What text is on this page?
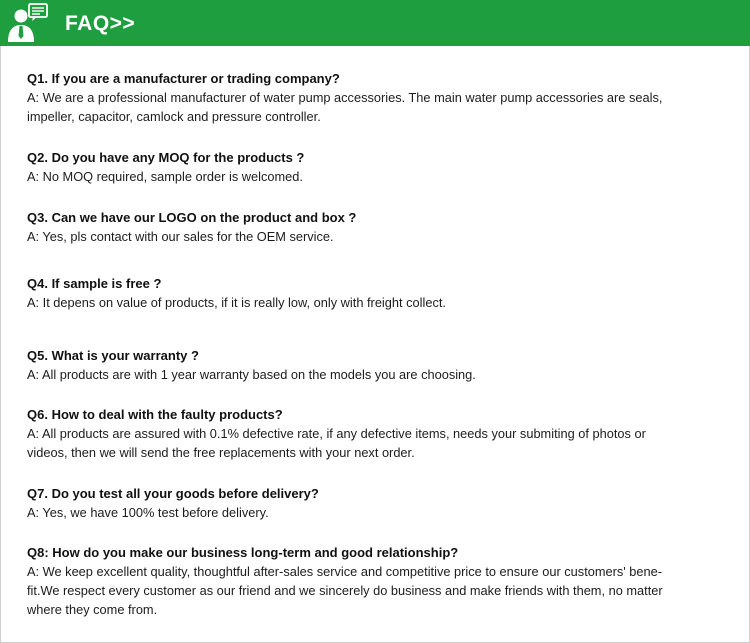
FAQ>>
Q1. If you are a manufacturer or trading company?
A: We are a professional manufacturer of water pump accessories. The main water pump accessories are seals,
impeller, capacitor, camlock and pressure controller.
Q2. Do you have any MOQ for the products ?
A: No MOQ required, sample order is welcomed.
Q3. Can we have our LOGO on the product and box ?
A: Yes, pls contact with our sales for the OEM service.
Q4. If sample is free ?
A: It depens on value of products, if it is really low, only with freight collect.
Q5. What is your warranty ?
A: All products are with 1 year warranty based on the models you are choosing.
Q6. How to deal with the faulty products?
A: All products are assured with 0.1% defective rate, if any defective items, needs your submiting of photos or
videos, then we will send the free replacements with your next order.
Q7. Do you test all your goods before delivery?
A: Yes, we have 100% test before delivery.
Q8: How do you make our business long-term and good relationship?
A: We keep excellent quality, thoughtful after-sales service and competitive price to ensure our customers' bene-
fit.We respect every customer as our friend and we sincerely do business and make friends with them, no matter
where they come from.
